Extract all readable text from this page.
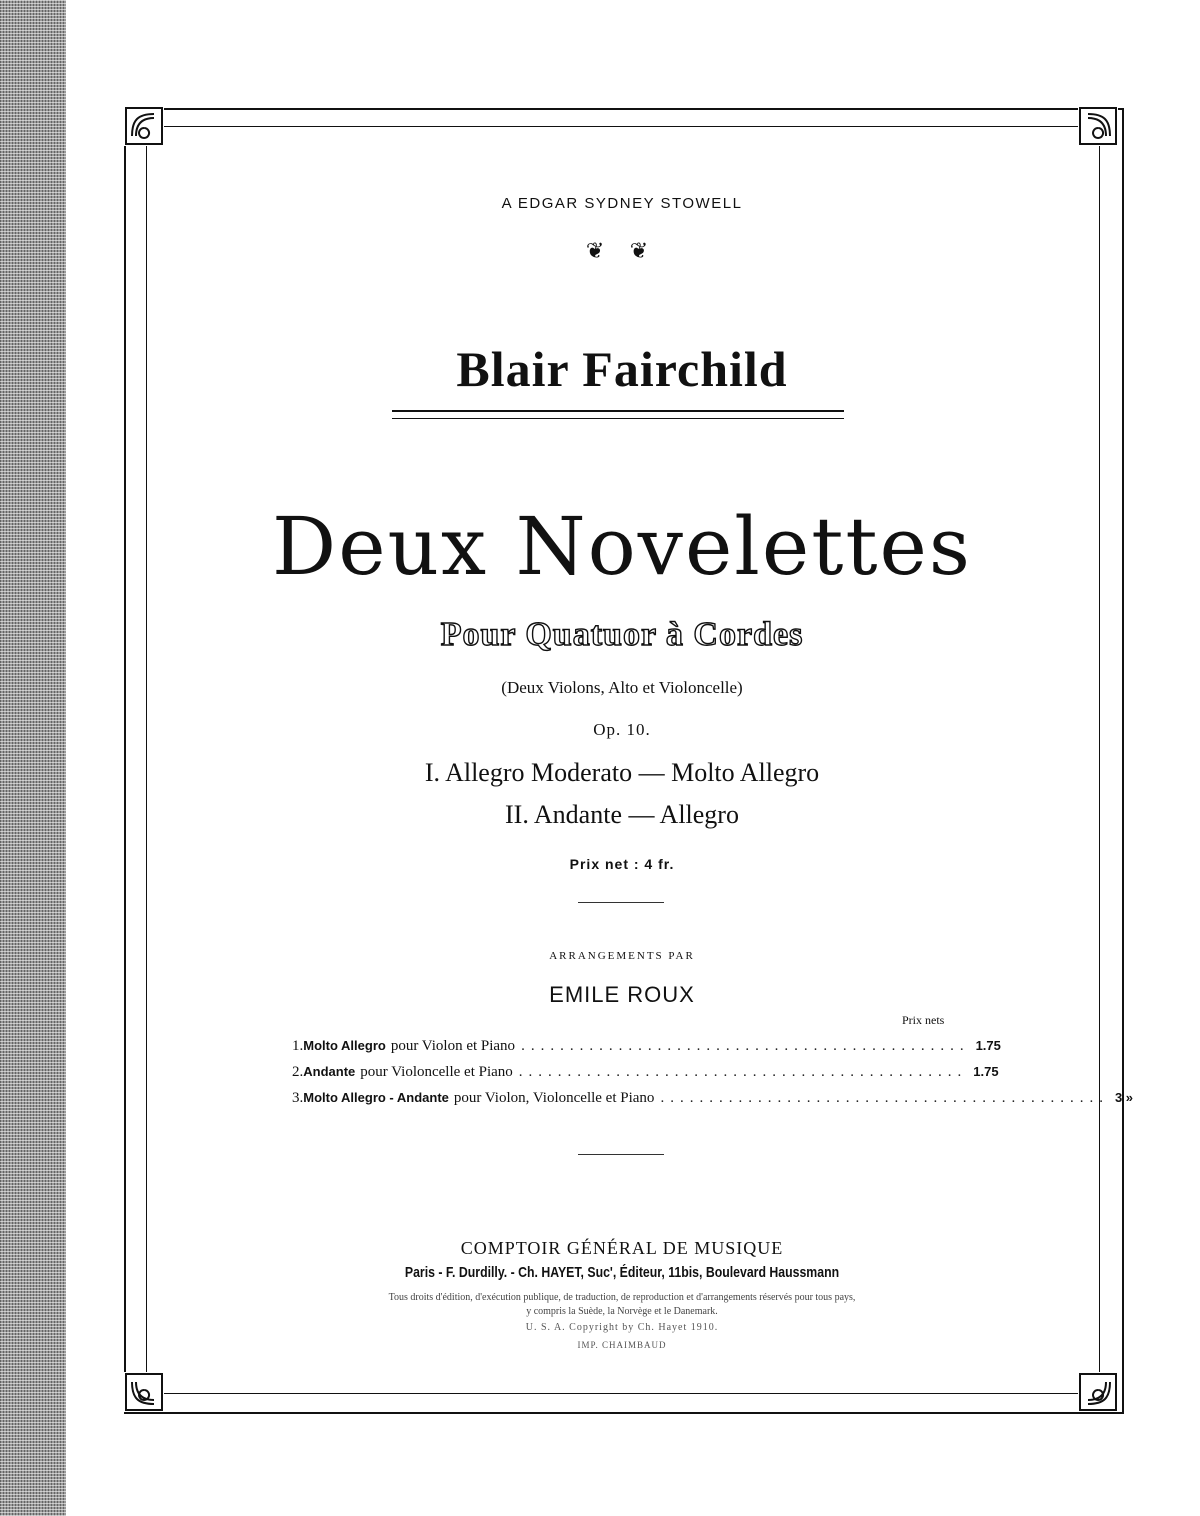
A EDGAR SYDNEY STOWELL
❦ ❦
Blair Fairchild
Deux Novelettes
Pour Quatuor à Cordes
(Deux Violons, Alto et Violoncelle)
Op. 10.
I. Allegro Moderato — Molto Allegro
II. Andante — Allegro
Prix net : 4 fr.
ARRANGEMENTS PAR
EMILE ROUX
Prix nets
1. Molto Allegro pour Violon et Piano .............................................. 1.75
2. Andante pour Violoncelle et Piano .............................................. 1.75
3. Molto Allegro - Andante pour Violon, Violoncelle et Piano .............................................. 3 »
COMPTOIR GÉNÉRAL DE MUSIQUE
Paris - F. Durdilly. - Ch. HAYET, Suc', Éditeur, 11bis, Boulevard Haussmann
Tous droits d'édition, d'exécution publique, de traduction, de reproduction et d'arrangements réservés pour tous pays,
y compris la Suède, la Norvège et le Danemark.
U. S. A. Copyright by Ch. Hayet 1910.
IMP. CHAIMBAUD
